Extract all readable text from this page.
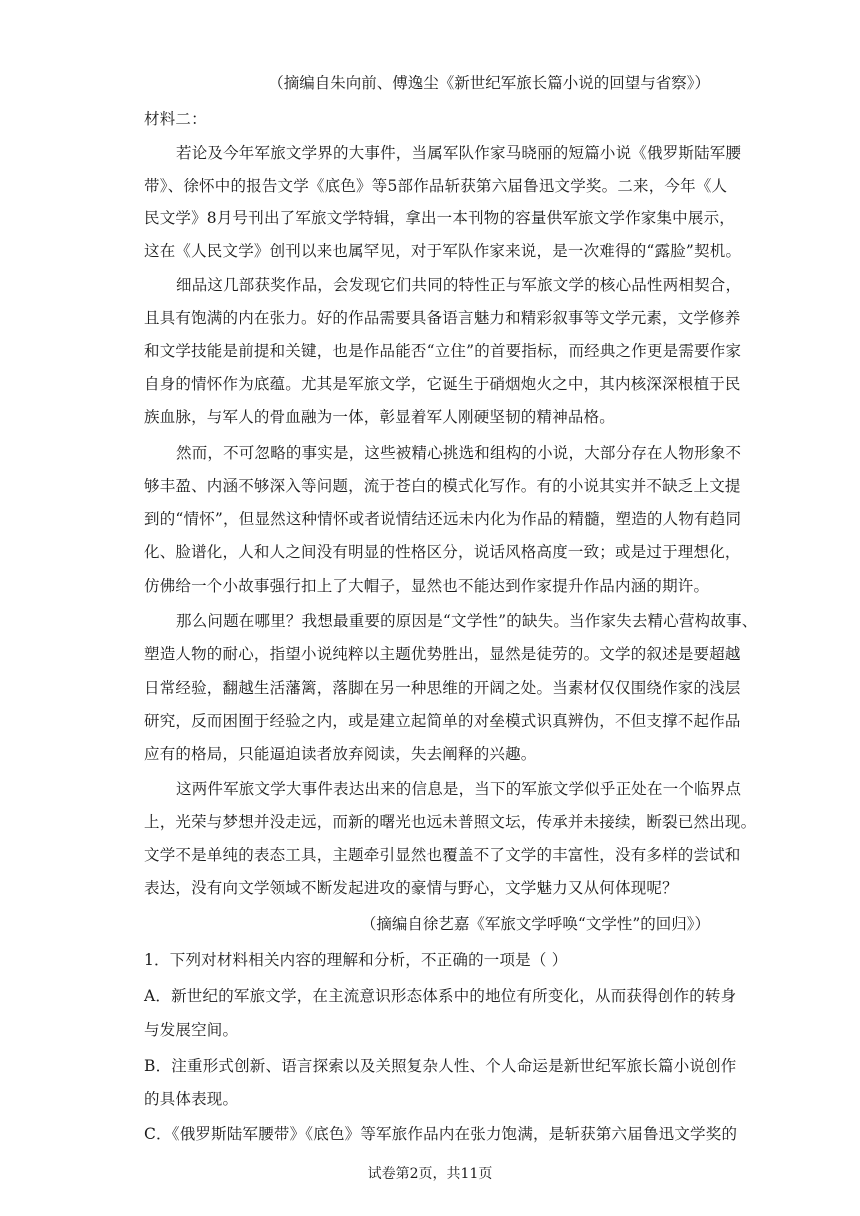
（摘编自朱向前、傅逸尘《新世纪军旅长篇小说的回望与省察》）
材料二：
若论及今年军旅文学界的大事件，当属军队作家马晓丽的短篇小说《俄罗斯陆军腰
带》、徐怀中的报告文学《底色》等5部作品斩获第六届鲁迅文学奖。二来，今年《人
民文学》8月号刊出了军旅文学特辑，拿出一本刊物的容量供军旅文学作家集中展示，
这在《人民文学》创刊以来也属罕见，对于军队作家来说，是一次难得的“露脸”契机。
细品这几部获奖作品，会发现它们共同的特性正与军旅文学的核心品性两相契合，
且具有饱满的内在张力。好的作品需要具备语言魅力和精彩叙事等文学元素，文学修养
和文学技能是前提和关键，也是作品能否“立住”的首要指标，而经典之作更是需要作家
自身的情怀作为底蕴。尤其是军旅文学，它诞生于硝烟炮火之中，其内核深深根植于民
族血脉，与军人的骨血融为一体，彰显着军人刚硬坚韧的精神品格。
然而，不可忽略的事实是，这些被精心挑选和组构的小说，大部分存在人物形象不
够丰盈、内涵不够深入等问题，流于苍白的模式化写作。有的小说其实并不缺乏上文提
到的“情怀”，但显然这种情怀或者说情结还远未内化为作品的精髓，塑造的人物有趋同
化、脸谱化，人和人之间没有明显的性格区分，说话风格高度一致；或是过于理想化，
仿佛给一个小故事强行扣上了大帽子，显然也不能达到作家提升作品内涵的期许。
那么问题在哪里？我想最重要的原因是“文学性”的缺失。当作家失去精心营构故事、
塑造人物的耐心，指望小说纯粹以主题优势胜出，显然是徒劳的。文学的叙述是要超越
日常经验，翻越生活藩篱，落脚在另一种思维的开阔之处。当素材仅仅围绕作家的浅层
研究，反而困囿于经验之内，或是建立起简单的对垒模式识真辨伪，不但支撑不起作品
应有的格局，只能逼迫读者放弃阅读，失去阐释的兴趣。
这两件军旅文学大事件表达出来的信息是，当下的军旅文学似乎正处在一个临界点
上，光荣与梦想并没走远，而新的曙光也远未普照文坛，传承并未接续，断裂已然出现。
文学不是单纯的表态工具，主题牵引显然也覆盖不了文学的丰富性，没有多样的尝试和
表达，没有向文学领域不断发起进攻的豪情与野心，文学魅力又从何体现呢？
（摘编自徐艺嘉《军旅文学呼唤“文学性”的回归》）
1．下列对材料相关内容的理解和分析，不正确的一项是（ ）
A．新世纪的军旅文学，在主流意识形态体系中的地位有所变化，从而获得创作的转身
与发展空间。
B．注重形式创新、语言探索以及关照复杂人性、个人命运是新世纪军旅长篇小说创作
的具体表现。
C．《俄罗斯陆军腰带》《底色》等军旅作品内在张力饱满，是斩获第六届鲁迅文学奖的
试卷第2页，共11页
